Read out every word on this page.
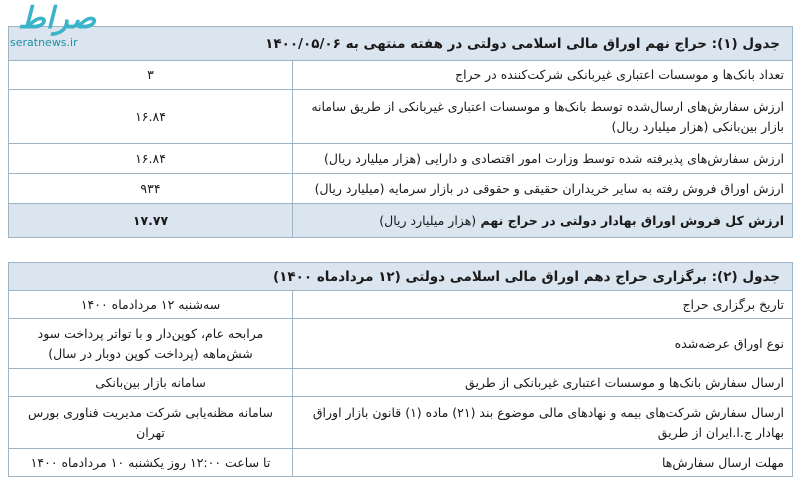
صراط
seratnews.ir	جدول (۱): حراج نهم اوراق مالی اسلامی دولتی در هفته منتهی به ۱۴۰۰/۰۵/۰۶	
تعداد بانک‌ها و موسسات اعتباری غیربانکی شرکت‌کننده در حراج	۳
ارزش سفارش‌های ارسال‌شده توسط بانک‌ها و موسسات اعتباری غیربانکی از طریق سامانه بازار بین‌بانکی (هزار میلیارد ریال)	۱۶.۸۴
ارزش سفارش‌های پذیرفته شده توسط وزارت امور اقتصادی و دارایی (هزار میلیارد ریال)	۱۶.۸۴
ارزش اوراق فروش رفته به سایر خریداران حقیقی و حقوقی در بازار سرمایه (میلیارد ریال)	۹۳۴
ارزش کل فروش اوراق بهادار دولتی در حراج نهم (هزار میلیارد ریال)	۱۷.۷۷
جدول (۲): برگزاری حراج دهم اوراق مالی اسلامی دولتی (۱۲ مردادماه ۱۴۰۰)	
تاریخ برگزاری حراج	سه‌شنبه ۱۲ مردادماه ۱۴۰۰
نوع اوراق عرضه‌شده	مرابحه عام، کوپن‌دار و با تواتر پرداخت سود شش‌ماهه (پرداخت کوپن دوبار در سال)
ارسال سفارش بانک‌ها و موسسات اعتباری غیربانکی از طریق	سامانه بازار بین‌بانکی
ارسال سفارش شرکت‌های بیمه و نهادهای مالی موضوع بند (۲۱) ماده (۱) قانون بازار اوراق بهادار ج.ا.ایران از طریق	سامانه مظنه‌یابی شرکت مدیریت فناوری بورس تهران
مهلت ارسال سفارش‌ها	تا ساعت ۱۲:۰۰ روز یکشنبه ۱۰ مردادماه ۱۴۰۰
